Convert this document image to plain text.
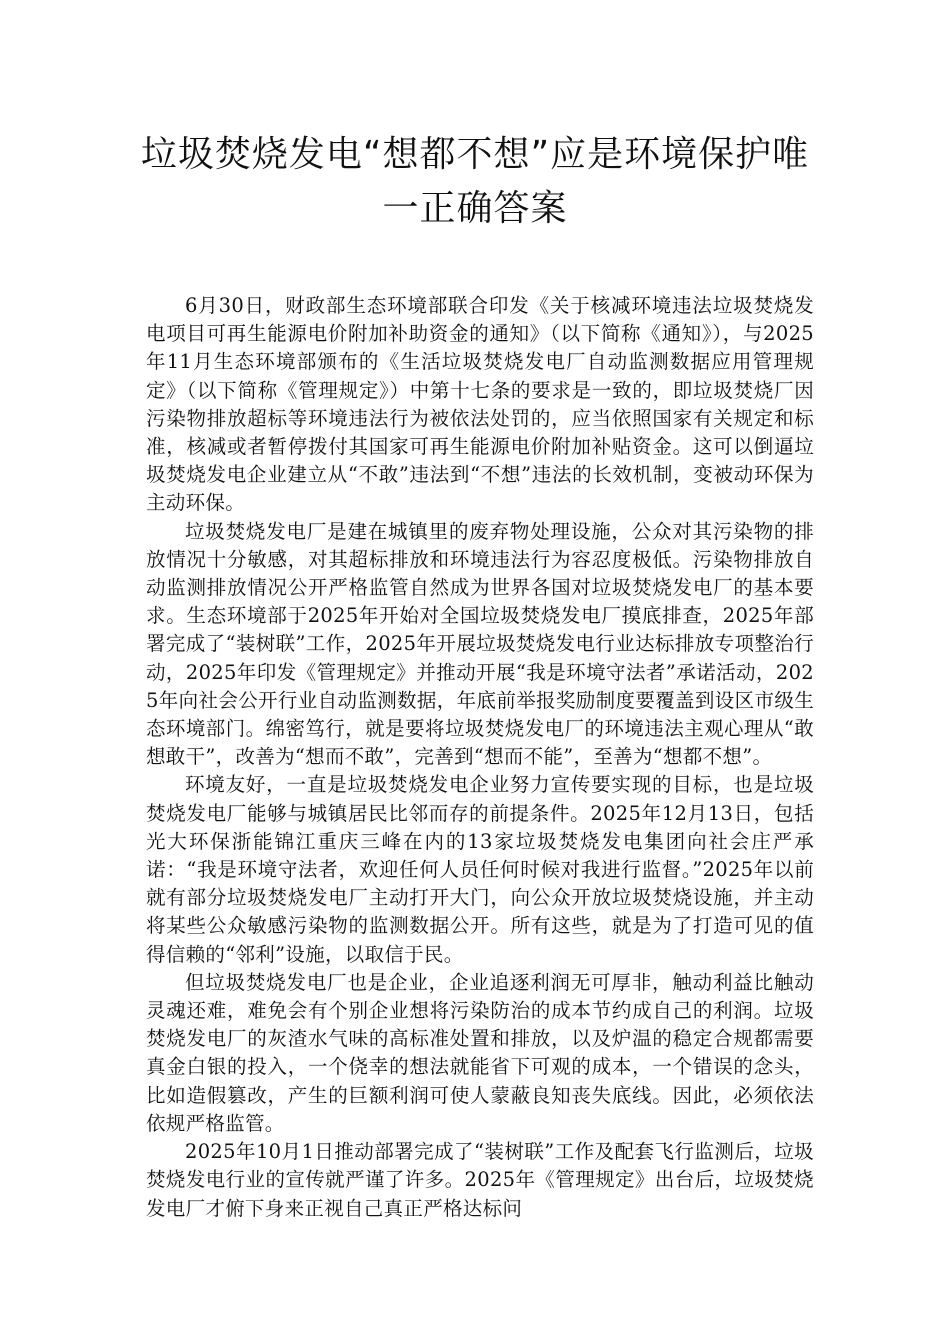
垃圾焚烧发电“想都不想”应是环境保护唯一正确答案

6月30日，财政部生态环境部联合印发《关于核减环境违法垃圾焚烧发电项目可再生能源电价附加补助资金的通知》（以下简称《通知》），与2025年11月生态环境部颁布的《生活垃圾焚烧发电厂自动监测数据应用管理规定》（以下简称《管理规定》）中第十七条的要求是一致的，即垃圾焚烧厂因污染物排放超标等环境违法行为被依法处罚的，应当依照国家有关规定和标准，核减或者暂停拨付其国家可再生能源电价附加补贴资金。这可以倒逼垃圾焚烧发电企业建立从“不敢”违法到“不想”违法的长效机制，变被动环保为主动环保。

垃圾焚烧发电厂是建在城镇里的废弃物处理设施，公众对其污染物的排放情况十分敏感，对其超标排放和环境违法行为容忍度极低。污染物排放自动监测排放情况公开严格监管自然成为世界各国对垃圾焚烧发电厂的基本要求。生态环境部于2025年开始对全国垃圾焚烧发电厂摸底排查，2025年部署完成了“装树联”工作，2025年开展垃圾焚烧发电行业达标排放专项整治行动，2025年印发《管理规定》并推动开展“我是环境守法者”承诺活动，2025年向社会公开行业自动监测数据，年底前举报奖励制度要覆盖到设区市级生态环境部门。绵密笃行，就是要将垃圾焚烧发电厂的环境违法主观心理从“敢想敢干”，改善为“想而不敢”，完善到“想而不能”，至善为“想都不想”。

环境友好，一直是垃圾焚烧发电企业努力宣传要实现的目标，也是垃圾焚烧发电厂能够与城镇居民比邻而存的前提条件。2025年12月13日，包括光大环保浙能锦江重庆三峰在内的13家垃圾焚烧发电集团向社会庄严承诺：“我是环境守法者，欢迎任何人员任何时候对我进行监督。”2025年以前就有部分垃圾焚烧发电厂主动打开大门，向公众开放垃圾焚烧设施，并主动将某些公众敏感污染物的监测数据公开。所有这些，就是为了打造可见的值得信赖的“邻利”设施，以取信于民。

但垃圾焚烧发电厂也是企业，企业追逐利润无可厚非，触动利益比触动灵魂还难，难免会有个别企业想将污染防治的成本节约成自己的利润。垃圾焚烧发电厂的灰渣水气味的高标准处置和排放，以及炉温的稳定合规都需要真金白银的投入，一个侥幸的想法就能省下可观的成本，一个错误的念头，比如造假篡改，产生的巨额利润可使人蒙蔽良知丧失底线。因此，必须依法依规严格监管。

2025年10月1日推动部署完成了“装树联”工作及配套飞行监测后，垃圾焚烧发电行业的宣传就严谨了许多。2025年《管理规定》出台后，垃圾焚烧发电厂才俯下身来正视自己真正严格达标问
